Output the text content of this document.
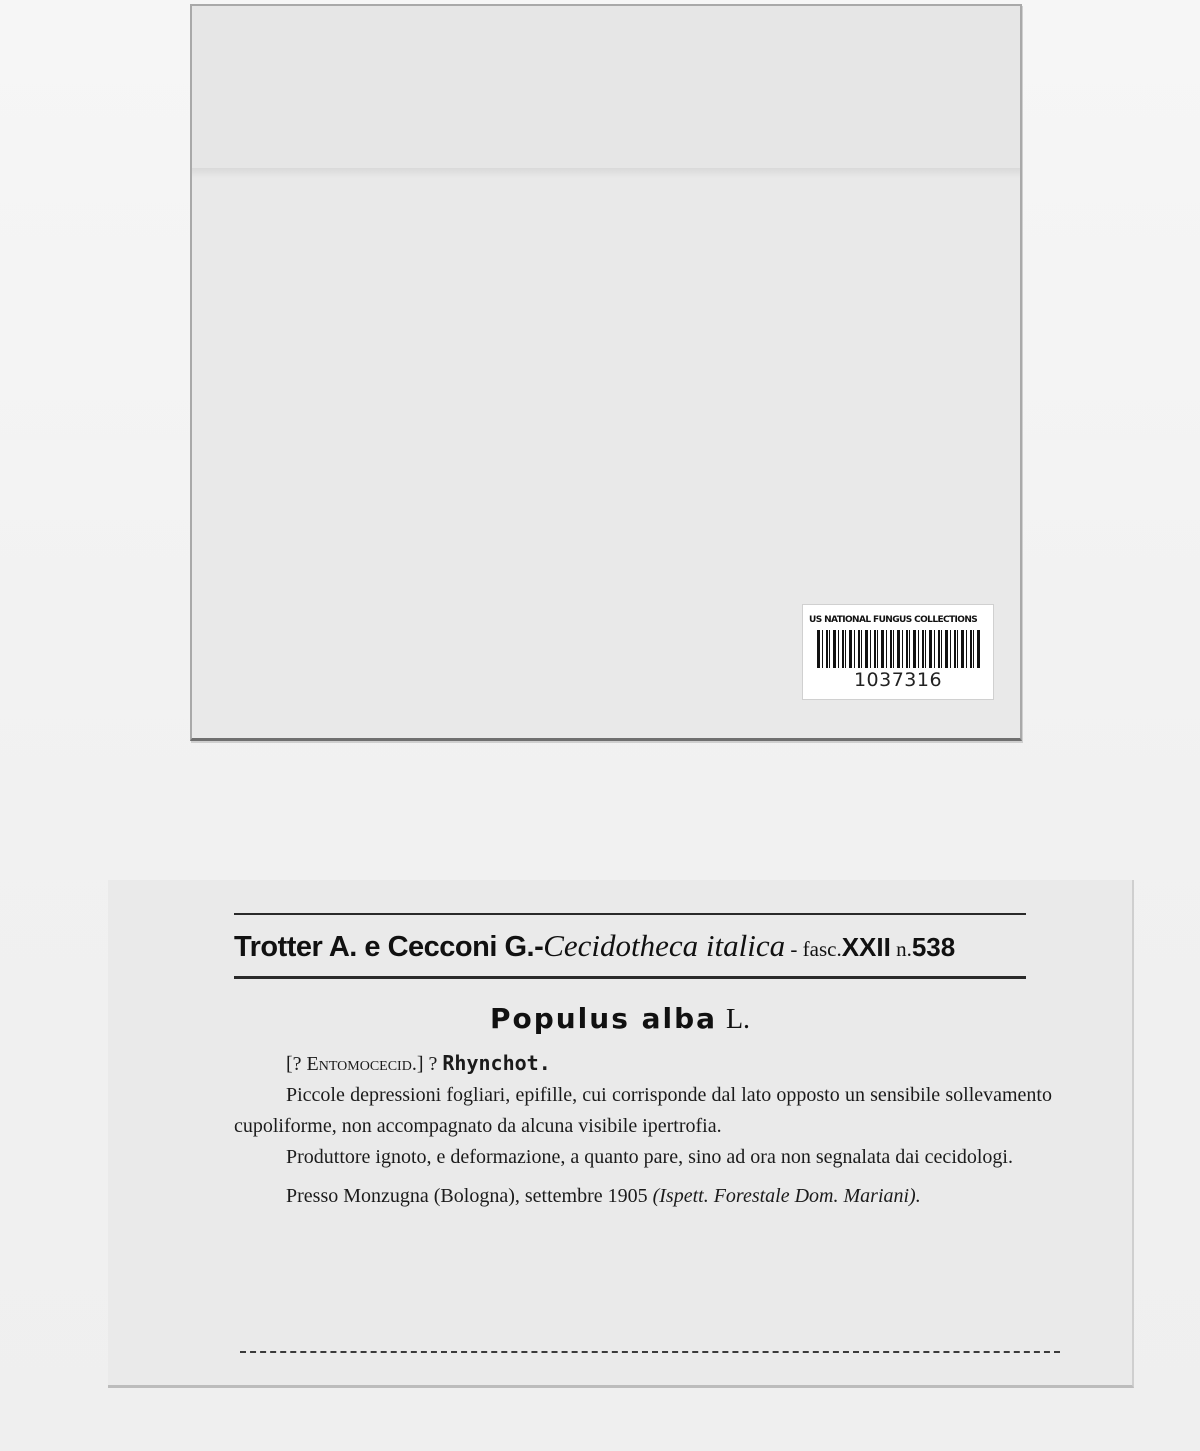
US NATIONAL FUNGUS COLLECTIONS
1037316
Trotter A. e Cecconi G.-Cecidotheca italica - fasc.XXII n.538
Populus alba L.

[? Entomocecid.] ? Rhynchot.

Piccole depressioni fogliari, epifille, cui corrisponde dal lato opposto un sensibile sollevamento cupoliforme, non accompagnato da alcuna visibile ipertrofia.

Produttore ignoto, e deformazione, a quanto pare, sino ad ora non segnalata dai cecidologi.

Presso Monzugna (Bologna), settembre 1905 (Ispett. Forestale Dom. Mariani).
